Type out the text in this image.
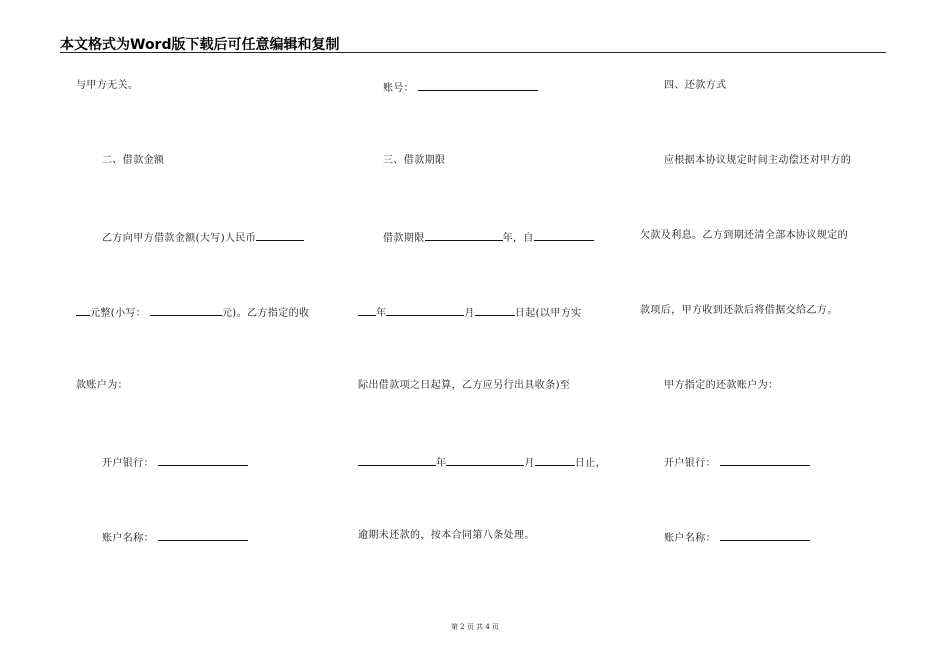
本文格式为Word版下载后可任意编辑和复制
与甲方无关。
二、借款金额
乙方向甲方借款金额(大写)人民币
元整(小写：	元)。乙方指定的收
款账户为：
开户银行：
账户名称：
账号：
三、借款期限
借款期限	年，自
年	月	日起(以甲方实
际出借款项之日起算，乙方应另行出具收条)至
年	月	日止，
逾期未还款的，按本合同第八条处理。
四、还款方式
应根据本协议规定时间主动偿还对甲方的
欠款及利息。乙方到期还清全部本协议规定的
款项后，甲方收到还款后将借据交给乙方。
甲方指定的还款账户为：
开户银行：
账户名称：
第 2 页 共 4 页
